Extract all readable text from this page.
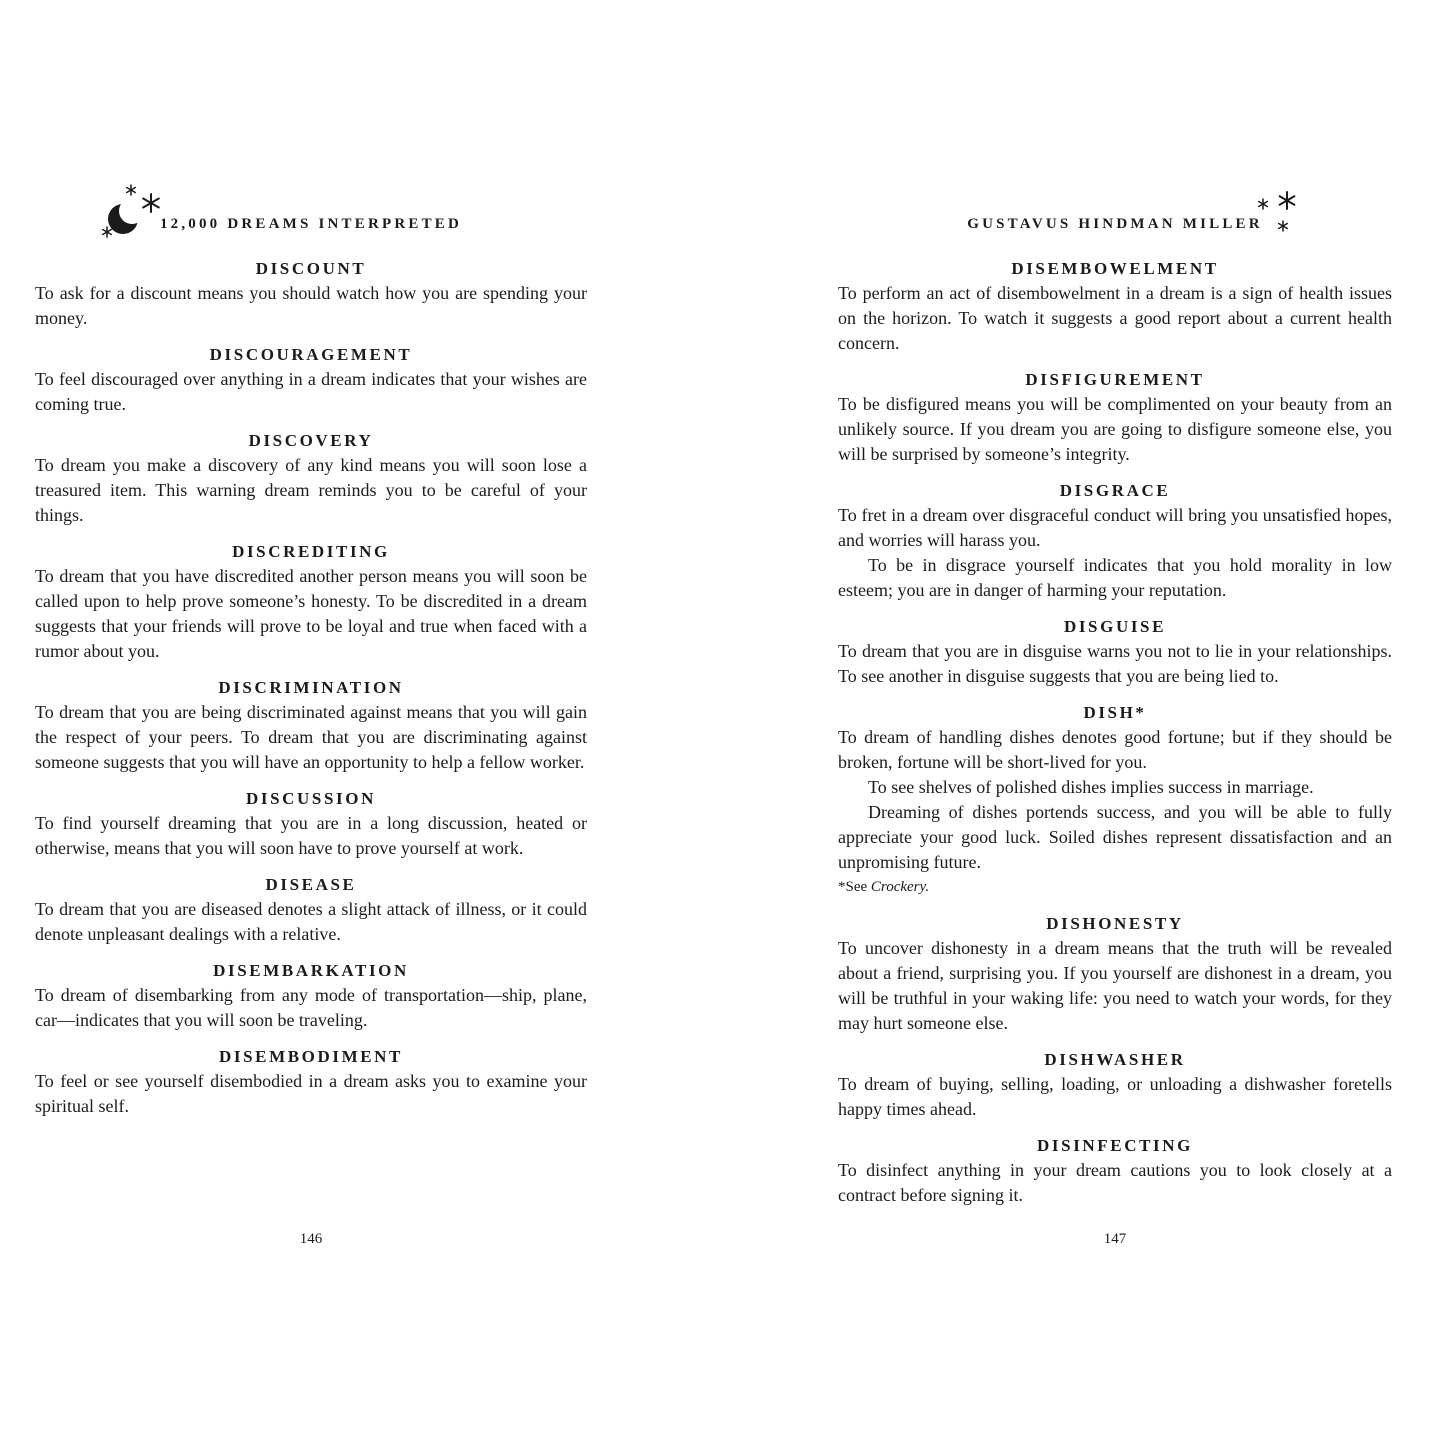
12,000 DREAMS INTERPRETED
DISCOUNT

To ask for a discount means you should watch how you are spending your money.

DISCOURAGEMENT

To feel discouraged over anything in a dream indicates that your wishes are coming true.

DISCOVERY

To dream you make a discovery of any kind means you will soon lose a treasured item. This warning dream reminds you to be careful of your things.

DISCREDITING

To dream that you have discredited another person means you will soon be called upon to help prove someone’s honesty. To be discredited in a dream suggests that your friends will prove to be loyal and true when faced with a rumor about you.

DISCRIMINATION

To dream that you are being discriminated against means that you will gain the respect of your peers. To dream that you are discriminating against someone suggests that you will have an opportunity to help a fellow worker.

DISCUSSION

To find yourself dreaming that you are in a long discussion, heated or otherwise, means that you will soon have to prove yourself at work.

DISEASE

To dream that you are diseased denotes a slight attack of illness, or it could denote unpleasant dealings with a relative.

DISEMBARKATION

To dream of disembarking from any mode of transportation—ship, plane, car—indicates that you will soon be traveling.

DISEMBODIMENT

To feel or see yourself disembodied in a dream asks you to examine your spiritual self.

146
GUSTAVUS HINDMAN MILLER
DISEMBOWELMENT

To perform an act of disembowelment in a dream is a sign of health issues on the horizon. To watch it suggests a good report about a current health concern.

DISFIGUREMENT

To be disfigured means you will be complimented on your beauty from an unlikely source. If you dream you are going to disfigure someone else, you will be surprised by someone’s integrity.

DISGRACE

To fret in a dream over disgraceful conduct will bring you unsatisfied hopes, and worries will harass you.

To be in disgrace yourself indicates that you hold morality in low esteem; you are in danger of harming your reputation.

DISGUISE

To dream that you are in disguise warns you not to lie in your relationships. To see another in disguise suggests that you are being lied to.

DISH*

To dream of handling dishes denotes good fortune; but if they should be broken, fortune will be short-lived for you.

To see shelves of polished dishes implies success in marriage.

Dreaming of dishes portends success, and you will be able to fully appreciate your good luck. Soiled dishes represent dissatisfaction and an unpromising future.

*See Crockery.

DISHONESTY

To uncover dishonesty in a dream means that the truth will be revealed about a friend, surprising you. If you yourself are dishonest in a dream, you will be truthful in your waking life: you need to watch your words, for they may hurt someone else.

DISHWASHER

To dream of buying, selling, loading, or unloading a dishwasher foretells happy times ahead.

DISINFECTING

To disinfect anything in your dream cautions you to look closely at a contract before signing it.

147
